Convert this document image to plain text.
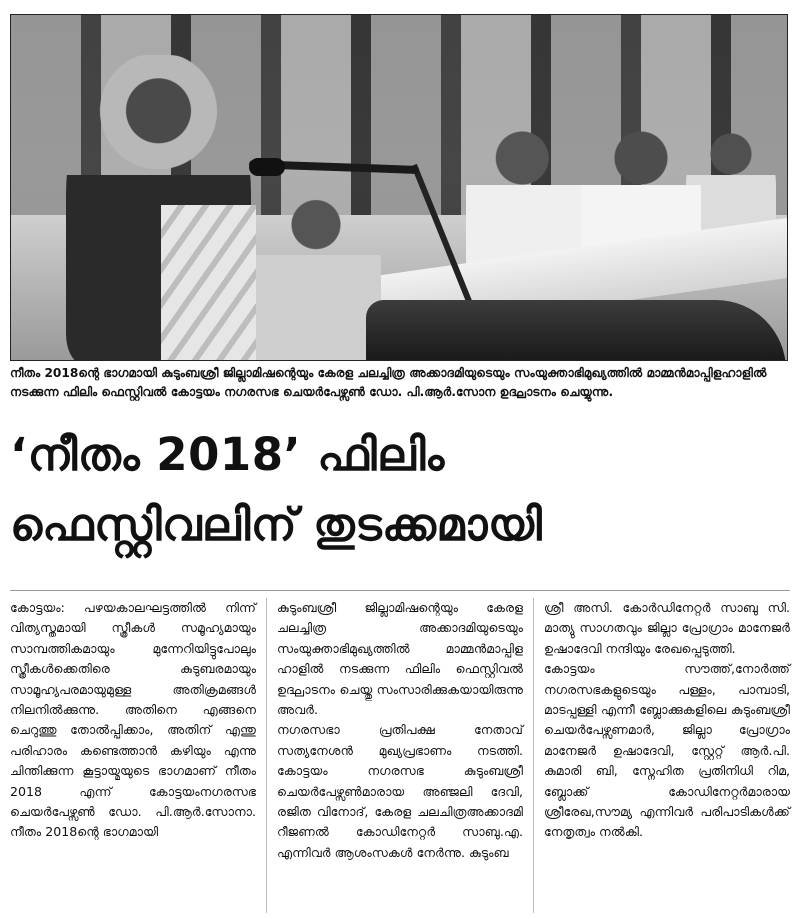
നീതം 2018ന്റെ ഭാഗമായി കുടുംബശ്രീ ജില്ലാമിഷന്റെയും കേരള ചലച്ചിത്ര അക്കാദമിയുടെയും സംയുക്താഭിമുഖ്യത്തിൽ മാമ്മൻമാപ്പിളഹാളിൽ നടക്കുന്ന ഫിലിം ഫെസ്റ്റിവൽ കോട്ടയം നഗരസഭ ചെയർപേഴ്സൺ ഡോ. പി.ആർ.സോന ഉദ്ഘാടനം ചെയ്യുന്നു.

‘നീതം 2018’ ഫിലിം
ഫെസ്റ്റിവലിന് തുടക്കമായി

കോട്ടയം: പഴയകാലഘട്ടത്തിൽ നിന്ന് വിത്യസ്തമായി സ്ത്രീകൾ സമൂഹ്യമായും സാമ്പത്തികമായും മുന്നേറിയിട്ടുപോലും സ്ത്രീകൾക്കെതിരെ കുടുബരമായും സാമൂഹ്യപരമായുമുള്ള അതിക്രമങ്ങൾ നിലനിൽക്കുന്നു. അതിനെ എങ്ങനെ ചെറുത്തു തോൽപ്പിക്കാം, അതിന് എന്തു പരിഹാരം കണ്ടെത്താൻ കഴിയും എന്നു ചിന്തിക്കുന്ന കൂട്ടായ്മയുടെ ഭാഗമാണ് നീതം 2018 എന്ന് കോട്ടയംനഗരസഭ ചെയർപേഴ്സൺ ഡോ. പി.ആർ.സോനാ. നീതം 2018ന്റെ ഭാഗമായി

കുടുംബശ്രീ ജില്ലാമിഷന്റെയും കേരള ചലച്ചിത്ര അക്കാദമിയുടെയും സംയുക്താഭിമുഖ്യത്തിൽ മാമ്മൻമാപ്പിള ഹാളിൽ നടക്കുന്ന ഫിലിം ഫെസ്റ്റിവൽ ഉദ്ഘാടനം ചെയ്തു സംസാരിക്കുകയായിരുന്നു അവർ.

നഗരസഭാ പ്രതിപക്ഷ നേതാവ് സത്യനേശൻ മുഖ്യപ്രഭാണം നടത്തി. കോട്ടയം നഗരസഭ കുടുംബശ്രീ ചെയർപേഴ്സൺമാരായ അഞ്ജലി ദേവി, രജിത വിനോദ്, കേരള ചലചിത്രഅക്കാദമി റീജണൽ കോഡിനേറ്റർ സാബു.എ. എന്നിവർ ആശംസകൾ നേർന്നു. കുടുംബ

ശ്രീ അസി. കോർഡിനേറ്റർ സാബു സി. മാത്യു സാഗതവും ജില്ലാ പ്രോഗ്രാം മാനേജർ ഉഷാദേവി നന്ദിയും രേഖപ്പെടുത്തി.

കോട്ടയം സൗത്ത്,നോർത്ത് നഗരസഭകളുടെയും പള്ളം, പാമ്പാടി, മാടപ്പള്ളി എന്നീ ബ്ലോക്കുകളിലെ കുടുംബശ്രീ ചെയർപേഴ്സണമാർ, ജില്ലാ പ്രോഗ്രാം മാനേജർ ഉഷാദേവി, സ്റ്റേറ്റ് ആർ.പി. കുമാരി ബി, സ്നേഹിത പ്രതിനിധി റിമ, ബ്ലോക്ക് കോഡിനേറ്റർമാരായ ശ്രീരേഖ,സൗമ്യ എന്നിവർ പരിപാടികൾക്ക് നേതൃത്വം നൽകി.
